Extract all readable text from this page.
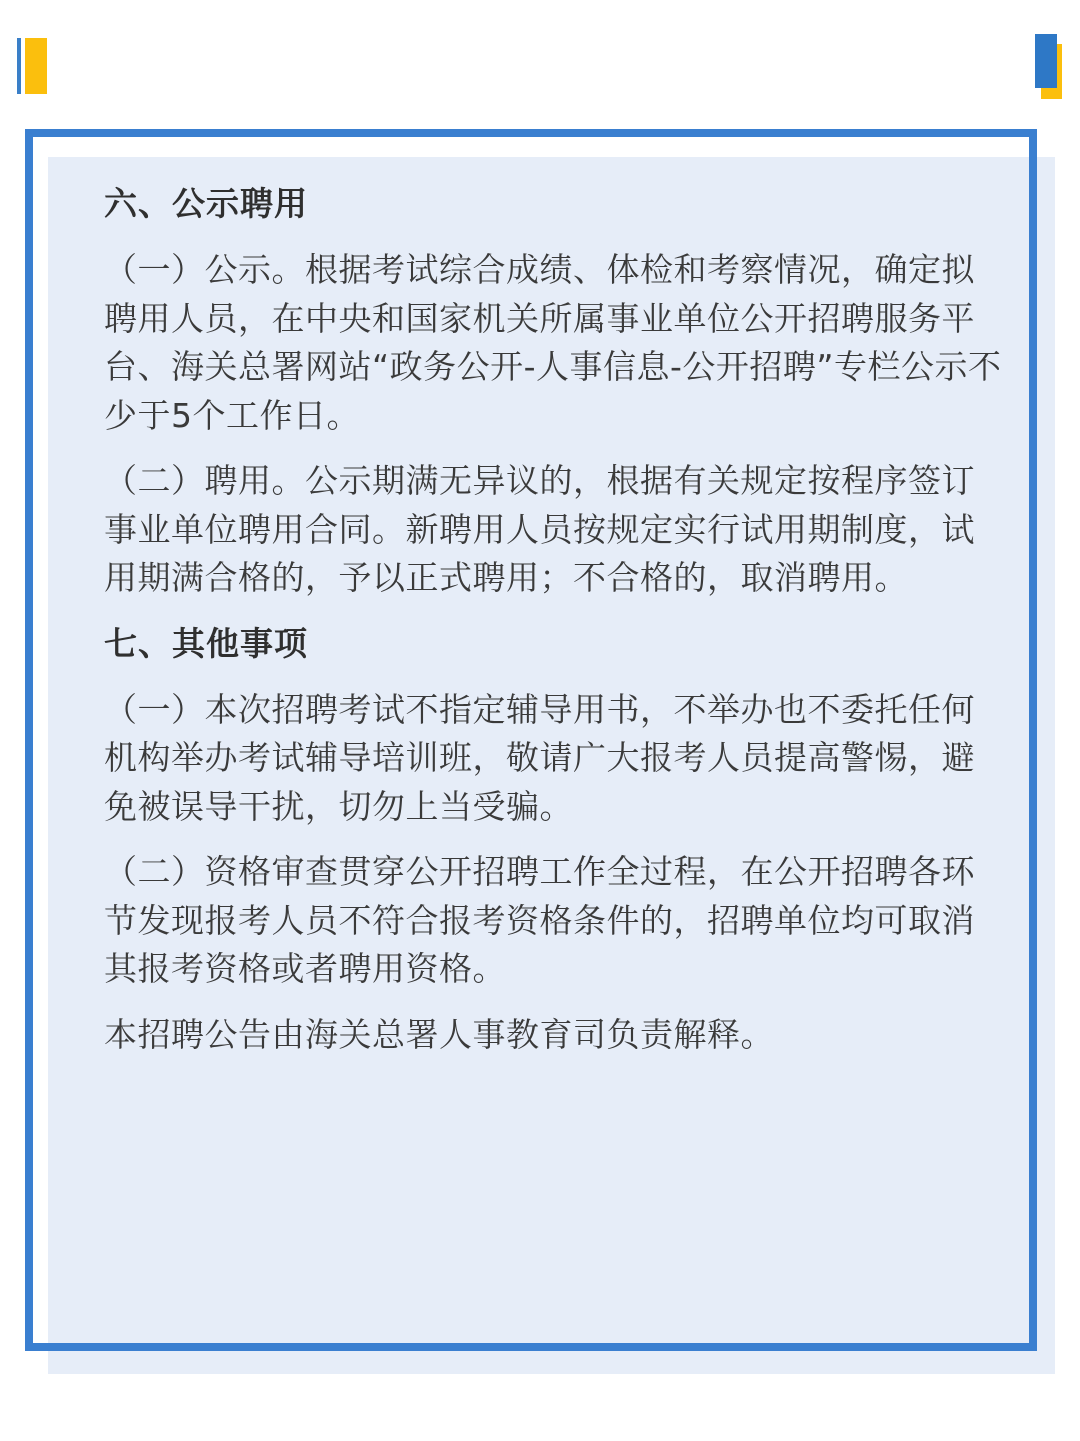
六、公示聘用

（一）公示。根据考试综合成绩、体检和考察情况，确定拟聘用人员，在中央和国家机关所属事业单位公开招聘服务平台、海关总署网站“政务公开-人事信息-公开招聘”专栏公示不少于5个工作日。

（二）聘用。公示期满无异议的，根据有关规定按程序签订事业单位聘用合同。新聘用人员按规定实行试用期制度，试用期满合格的，予以正式聘用；不合格的，取消聘用。

七、其他事项

（一）本次招聘考试不指定辅导用书，不举办也不委托任何机构举办考试辅导培训班，敬请广大报考人员提高警惕，避免被误导干扰，切勿上当受骗。

（二）资格审查贯穿公开招聘工作全过程，在公开招聘各环节发现报考人员不符合报考资格条件的，招聘单位均可取消其报考资格或者聘用资格。

本招聘公告由海关总署人事教育司负责解释。
